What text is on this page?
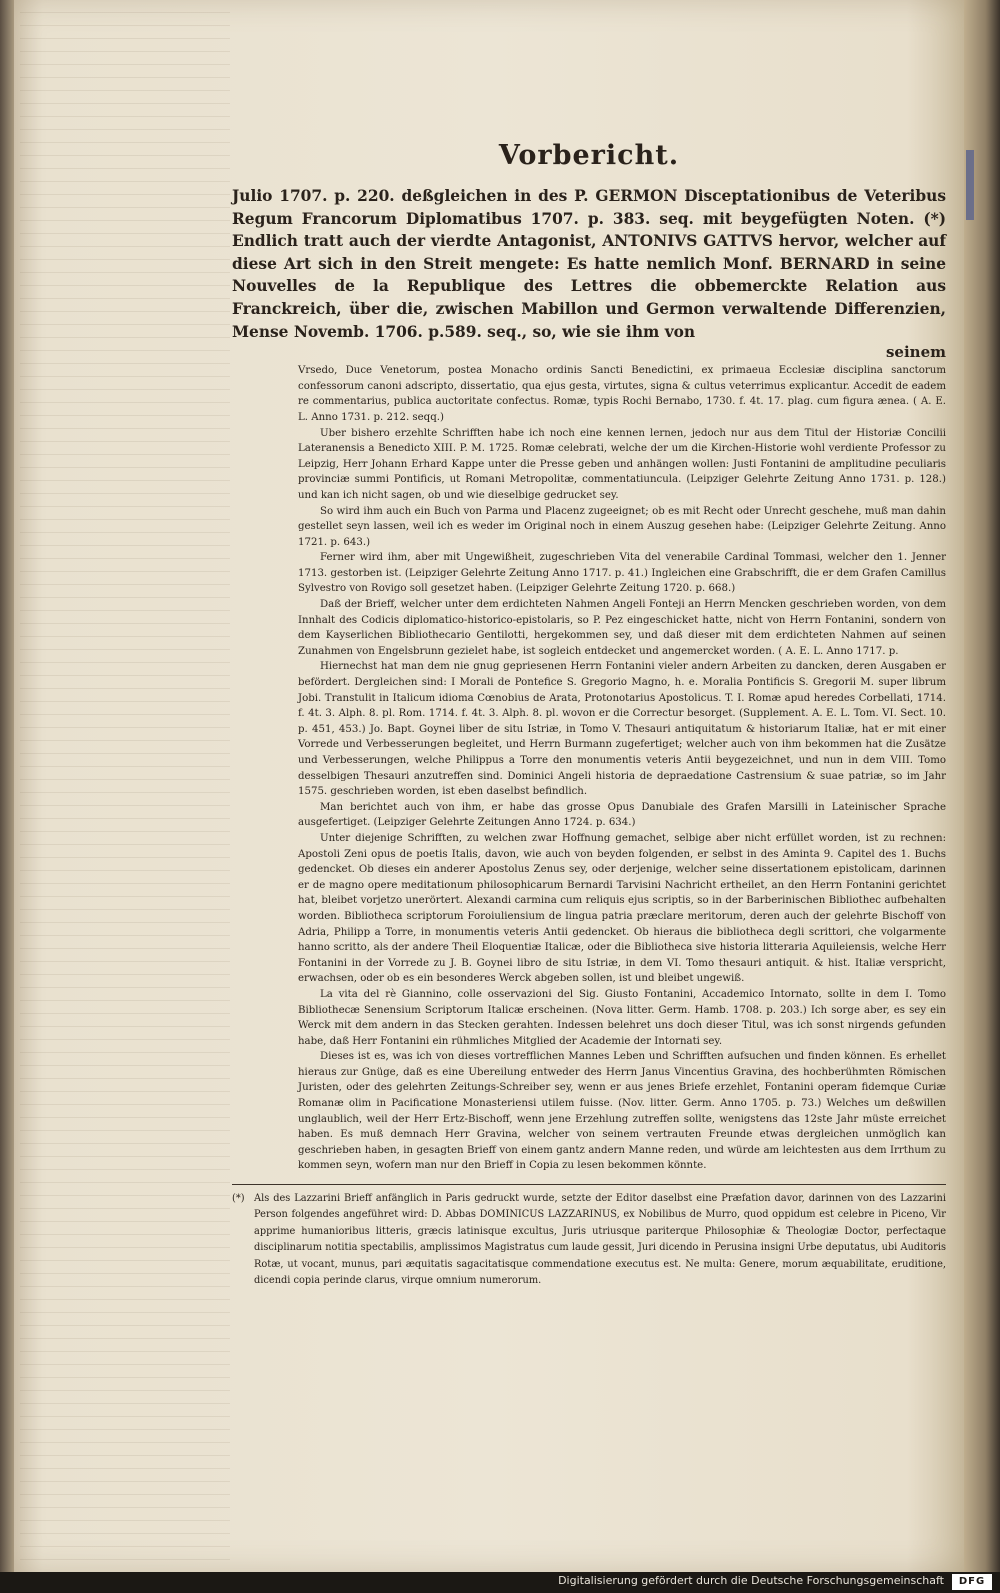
Vorbericht.

Julio 1707. p. 220. deßgleichen in des P. GERMON Disceptationibus de Veteribus Regum Francorum Diplomatibus 1707. p. 383. seq. mit beygefügten Noten. (*) Endlich tratt auch der vierdte Antagonist, ANTONIVS GATTVS hervor, welcher auf diese Art sich in den Streit mengete: Es hatte nemlich Monf. BERNARD in seine Nouvelles de la Republique des Lettres die obbemerckte Relation aus Franckreich, über die, zwischen Mabillon und Germon verwaltende Differenzien, Mense Novemb. 1706. p.589. seq., so, wie sie ihm von

seinem

Vrsedo, Duce Venetorum, postea Monacho ordinis Sancti Benedictini, ex primaeua Ecclesiæ disciplina sanctorum confessorum canoni adscripto, dissertatio, qua ejus gesta, virtutes, signa & cultus veterrimus explicantur. Accedit de eadem re commentarius, publica auctoritate confectus. Romæ, typis Rochi Bernabo, 1730. f. 4t. 17. plag. cum figura ænea. ( A. E. L. Anno 1731. p. 212. seqq.)

Uber bishero erzehlte Schrifften habe ich noch eine kennen lernen, jedoch nur aus dem Titul der Historiæ Concilii Lateranensis a Benedicto XIII. P. M. 1725. Romæ celebrati, welche der um die Kirchen-Historie wohl verdiente Professor zu Leipzig, Herr Johann Erhard Kappe unter die Presse geben und anhängen wollen: Justi Fontanini de amplitudine peculiaris provinciæ summi Pontificis, ut Romani Metropolitæ, commentatiuncula. (Leipziger Gelehrte Zeitung Anno 1731. p. 128.) und kan ich nicht sagen, ob und wie dieselbige gedrucket sey.

So wird ihm auch ein Buch von Parma und Placenz zugeeignet; ob es mit Recht oder Unrecht geschehe, muß man dahin gestellet seyn lassen, weil ich es weder im Original noch in einem Auszug gesehen habe: (Leipziger Gelehrte Zeitung. Anno 1721. p. 643.)

Ferner wird ihm, aber mit Ungewißheit, zugeschrieben Vita del venerabile Cardinal Tommasi, welcher den 1. Jenner 1713. gestorben ist. (Leipziger Gelehrte Zeitung Anno 1717. p. 41.) Ingleichen eine Grabschrifft, die er dem Grafen Camillus Sylvestro von Rovigo soll gesetzet haben. (Leipziger Gelehrte Zeitung 1720. p. 668.)

Daß der Brieff, welcher unter dem erdichteten Nahmen Angeli Fonteji an Herrn Mencken geschrieben worden, von dem Innhalt des Codicis diplomatico-historico-epistolaris, so P. Pez eingeschicket hatte, nicht von Herrn Fontanini, sondern von dem Kayserlichen Bibliothecario Gentilotti, hergekommen sey, und daß dieser mit dem erdichteten Nahmen auf seinen Zunahmen von Engelsbrunn gezielet habe, ist sogleich entdecket und angemercket worden. ( A. E. L. Anno 1717. p.

Hiernechst hat man dem nie gnug gepriesenen Herrn Fontanini vieler andern Arbeiten zu dancken, deren Ausgaben er befördert. Dergleichen sind: I Morali de Pontefice S. Gregorio Magno, h. e. Moralia Pontificis S. Gregorii M. super librum Jobi. Transtulit in Italicum idioma Cœnobius de Arata, Protonotarius Apostolicus. T. I. Romæ apud heredes Corbellati, 1714. f. 4t. 3. Alph. 8. pl. Rom. 1714. f. 4t. 3. Alph. 8. pl. wovon er die Correctur besorget. (Supplement. A. E. L. Tom. VI. Sect. 10. p. 451, 453.) Jo. Bapt. Goynei liber de situ Istriæ, in Tomo V. Thesauri antiquitatum & historiarum Italiæ, hat er mit einer Vorrede und Verbesserungen begleitet, und Herrn Burmann zugefertiget; welcher auch von ihm bekommen hat die Zusätze und Verbesserungen, welche Philippus a Torre den monumentis veteris Antii beygezeichnet, und nun in dem VIII. Tomo desselbigen Thesauri anzutreffen sind. Dominici Angeli historia de depraedatione Castrensium & suae patriæ, so im Jahr 1575. geschrieben worden, ist eben daselbst befindlich.

Man berichtet auch von ihm, er habe das grosse Opus Danubiale des Grafen Marsilli in Lateinischer Sprache ausgefertiget. (Leipziger Gelehrte Zeitungen Anno 1724. p. 634.)

Unter diejenige Schrifften, zu welchen zwar Hoffnung gemachet, selbige aber nicht erfüllet worden, ist zu rechnen: Apostoli Zeni opus de poetis Italis, davon, wie auch von beyden folgenden, er selbst in des Aminta 9. Capitel des 1. Buchs gedencket. Ob dieses ein anderer Apostolus Zenus sey, oder derjenige, welcher seine dissertationem epistolicam, darinnen er de magno opere meditationum philosophicarum Bernardi Tarvisini Nachricht ertheilet, an den Herrn Fontanini gerichtet hat, bleibet vorjetzo unerörtert. Alexandi carmina cum reliquis ejus scriptis, so in der Barberinischen Bibliothec aufbehalten worden. Bibliotheca scriptorum Foroiuliensium de lingua patria præclare meritorum, deren auch der gelehrte Bischoff von Adria, Philipp a Torre, in monumentis veteris Antii gedencket. Ob hieraus die bibliotheca degli scrittori, che volgarmente hanno scritto, als der andere Theil Eloquentiæ Italicæ, oder die Bibliotheca sive historia litteraria Aquileiensis, welche Herr Fontanini in der Vorrede zu J. B. Goynei libro de situ Istriæ, in dem VI. Tomo thesauri antiquit. & hist. Italiæ verspricht, erwachsen, oder ob es ein besonderes Werck abgeben sollen, ist und bleibet ungewiß.

La vita del rè Giannino, colle osservazioni del Sig. Giusto Fontanini, Accademico Intornato, sollte in dem I. Tomo Bibliothecæ Senensium Scriptorum Italicæ erscheinen. (Nova litter. Germ. Hamb. 1708. p. 203.) Ich sorge aber, es sey ein Werck mit dem andern in das Stecken gerahten. Indessen belehret uns doch dieser Titul, was ich sonst nirgends gefunden habe, daß Herr Fontanini ein rühmliches Mitglied der Academie der Intornati sey.

Dieses ist es, was ich von dieses vortrefflichen Mannes Leben und Schrifften aufsuchen und finden können. Es erhellet hieraus zur Gnüge, daß es eine Ubereilung entweder des Herrn Janus Vincentius Gravina, des hochberühmten Römischen Juristen, oder des gelehrten Zeitungs-Schreiber sey, wenn er aus jenes Briefe erzehlet, Fontanini operam fidemque Curiæ Romanæ olim in Pacificatione Monasteriensi utilem fuisse. (Nov. litter. Germ. Anno 1705. p. 73.) Welches um deßwillen unglaublich, weil der Herr Ertz-Bischoff, wenn jene Erzehlung zutreffen sollte, wenigstens das 12ste Jahr müste erreichet haben. Es muß demnach Herr Gravina, welcher von seinem vertrauten Freunde etwas dergleichen unmöglich kan geschrieben haben, in gesagten Brieff von einem gantz andern Manne reden, und würde am leichtesten aus dem Irrthum zu kommen seyn, wofern man nur den Brieff in Copia zu lesen bekommen könnte.

(*) Als des Lazzarini Brieff anfänglich in Paris gedruckt wurde, setzte der Editor daselbst eine Præfation davor, darinnen von des Lazzarini Person folgendes angeführet wird: D. Abbas DOMINICUS LAZZARINUS, ex Nobilibus de Murro, quod oppidum est celebre in Piceno, Vir apprime humanioribus litteris, græcis latinisque excultus, Juris utriusque pariterque Philosophiæ & Theologiæ Doctor, perfectaque disciplinarum notitia spectabilis, amplissimos Magistratus cum laude gessit, Juri dicendo in Perusina insigni Urbe deputatus, ubi Auditoris Rotæ, ut vocant, munus, pari æquitatis sagacitatisque commendatione executus est. Ne multa: Genere, morum æquabilitate, eruditione, dicendi copia perinde clarus, virque omnium numerorum.

Digitalisierung gefördert durch die Deutsche Forschungsgemeinschaft	DFG
